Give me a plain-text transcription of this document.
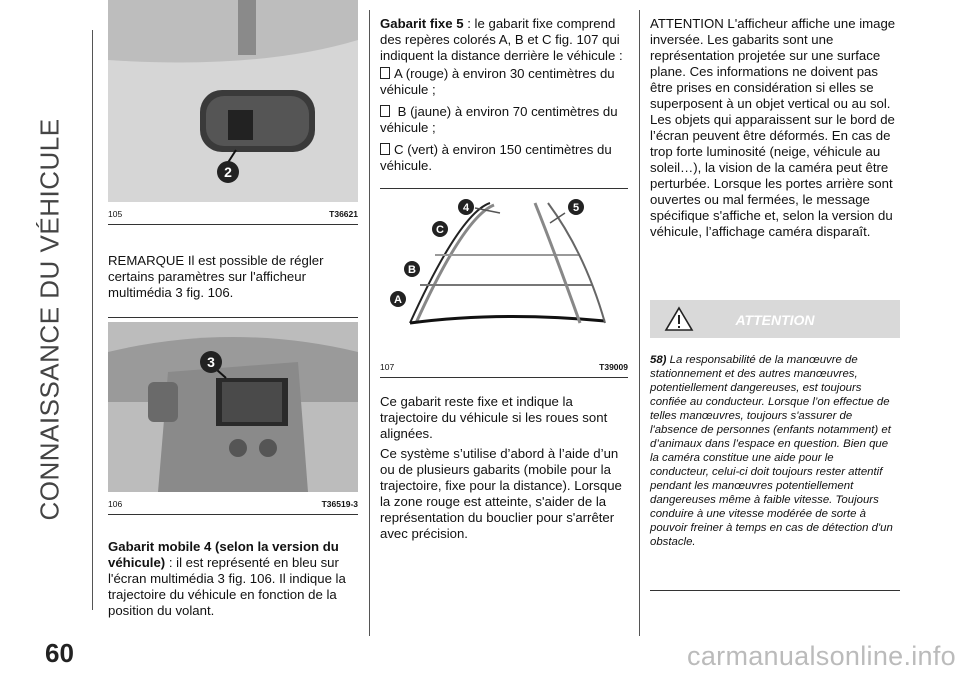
CONNAISSANCE DU VÉHICULE
60
2
105	T36621

REMARQUE Il est possible de régler certains paramètres sur l'afficheur multimédia 3 fig. 106.

3
106	T36519-3

Gabarit mobile 4 (selon la version du véhicule) : il est représenté en bleu sur l'écran multimédia 3 fig. 106. Il indique la trajectoire du véhicule en fonction de la position du volant.

Gabarit fixe 5 : le gabarit fixe comprend des repères colorés A, B et C fig. 107 qui indiquent la distance derrière le véhicule :

A (rouge) à environ 30 centimètres du véhicule ;

B (jaune) à environ 70 centimètres du véhicule ;

C (vert) à environ 150 centimètres du véhicule.

4	5
C
B
A
107	T39009

Ce gabarit reste fixe et indique la trajectoire du véhicule si les roues sont alignées.

Ce système s’utilise d’abord à l’aide d’un ou de plusieurs gabarits (mobile pour la trajectoire, fixe pour la distance). Lorsque la zone rouge est atteinte, s'aider de la représentation du bouclier pour s'arrêter avec précision.

ATTENTION L'afficheur affiche une image inversée. Les gabarits sont une représentation projetée sur une surface plane. Ces informations ne doivent pas être prises en considération si elles se superposent à un objet vertical ou au sol. Les objets qui apparaissent sur le bord de l’écran peuvent être déformés. En cas de trop forte luminosité (neige, véhicule au soleil…), la vision de la caméra peut être perturbée. Lorsque les portes arrière sont ouvertes ou mal fermées, le message spécifique s'affiche et, selon la version du véhicule, l’affichage caméra disparaît.

ATTENTION
58) La responsabilité de la manœuvre de stationnement et des autres manœuvres, potentiellement dangereuses, est toujours confiée au conducteur. Lorsque l’on effectue de telles manœuvres, toujours s'assurer de l'absence de personnes (enfants notamment) et d’animaux dans l’espace en question. Bien que la caméra constitue une aide pour le conducteur, celui-ci doit toujours rester attentif pendant les manœuvres potentiellement dangereuses même à faible vitesse. Toujours conduire à une vitesse modérée de sorte à pouvoir freiner à temps en cas de détection d'un obstacle.
carmanualsonline.info
